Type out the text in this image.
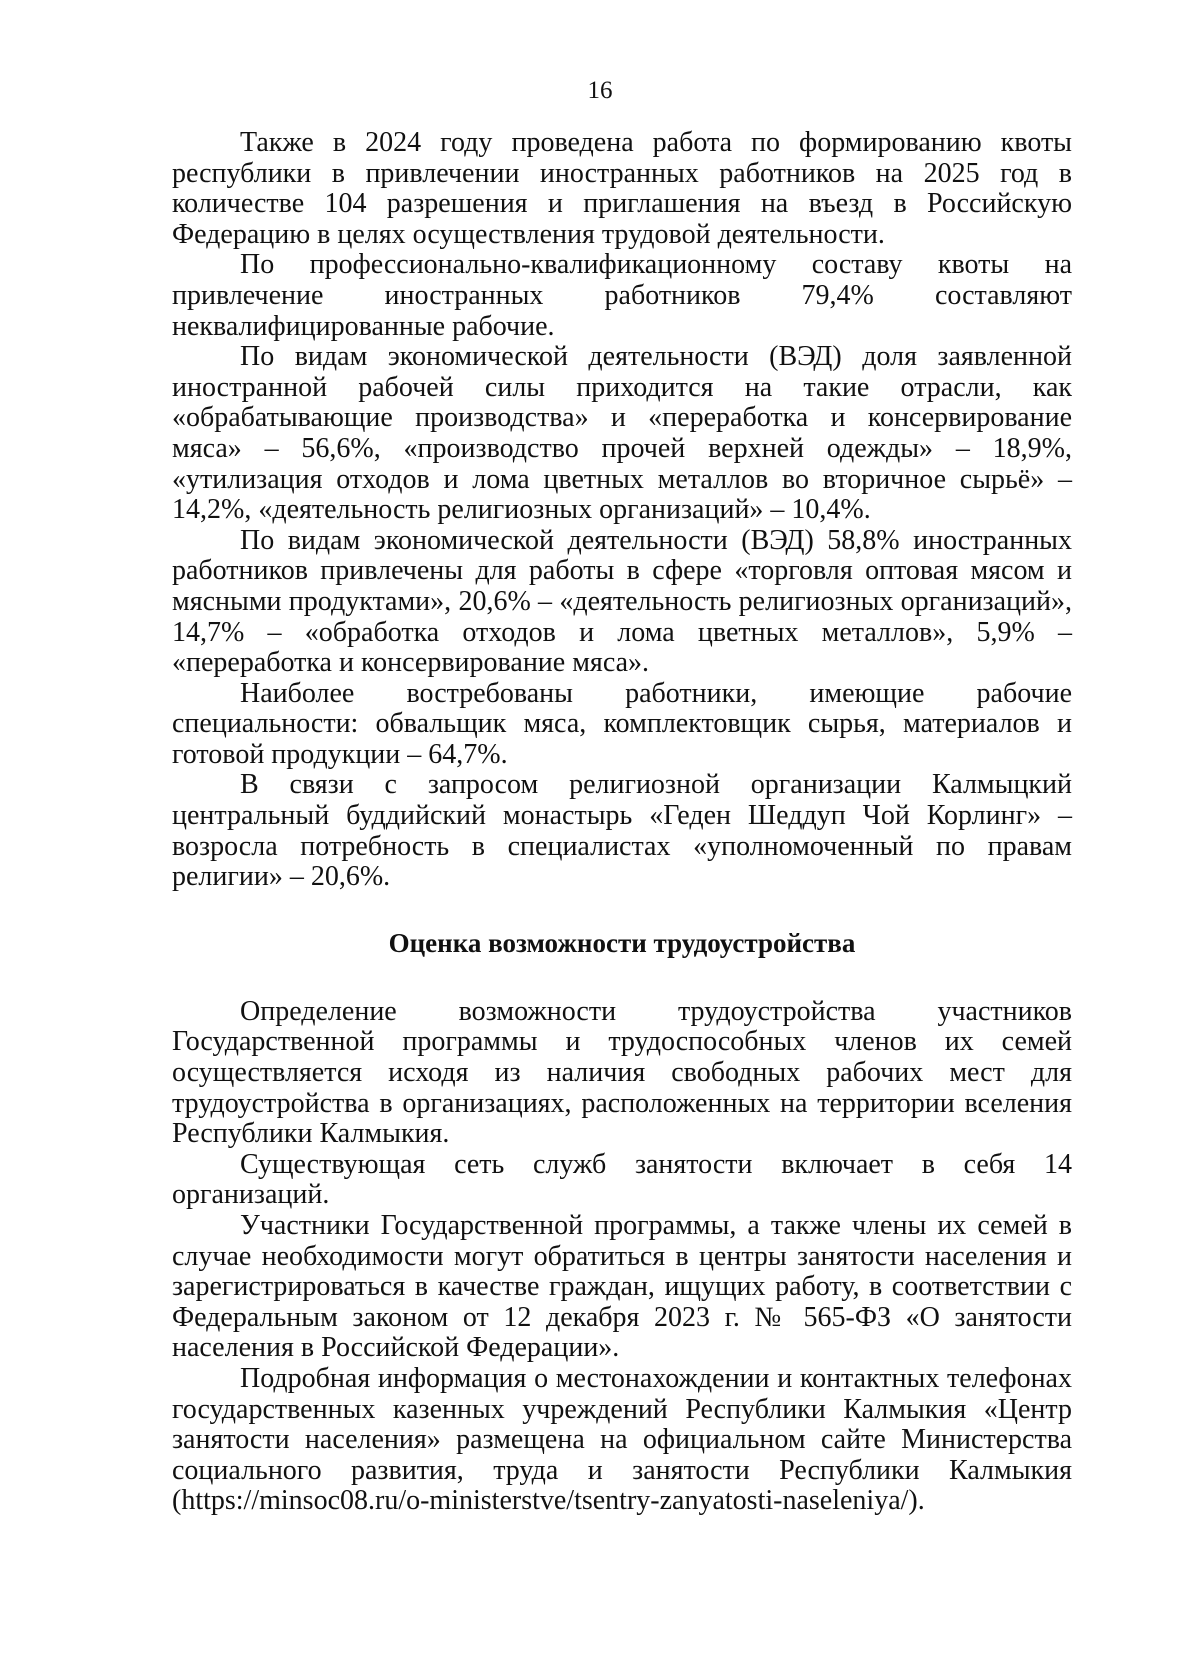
16

Также в 2024 году проведена работа по формированию квоты республики в привлечении иностранных работников на 2025 год в количестве 104 разрешения и приглашения на въезд в Российскую Федерацию в целях осуществления трудовой деятельности.

По профессионально-квалификационному составу квоты на привлечение иностранных работников 79,4% составляют неквалифицированные рабочие.

По видам экономической деятельности (ВЭД) доля заявленной иностранной рабочей силы приходится на такие отрасли, как «обрабатывающие производства» и «переработка и консервирование мяса» – 56,6%, «производство прочей верхней одежды» – 18,9%, «утилизация отходов и лома цветных металлов во вторичное сырьё» – 14,2%, «деятельность религиозных организаций» – 10,4%.

По видам экономической деятельности (ВЭД) 58,8% иностранных работников привлечены для работы в сфере «торговля оптовая мясом и мясными продуктами», 20,6% – «деятельность религиозных организаций», 14,7% – «обработка отходов и лома цветных металлов», 5,9% – «переработка и консервирование мяса».

Наиболее востребованы работники, имеющие рабочие специальности: обвальщик мяса, комплектовщик сырья, материалов и готовой продукции – 64,7%.

В связи с запросом религиозной организации Калмыцкий центральный буддийский монастырь «Геден Шеддуп Чой Корлинг» – возросла потребность в специалистах «уполномоченный по правам религии» – 20,6%.

Оценка возможности трудоустройства

Определение возможности трудоустройства участников Государственной программы и трудоспособных членов их семей осуществляется исходя из наличия свободных рабочих мест для трудоустройства в организациях, расположенных на территории вселения Республики Калмыкия.

Существующая сеть служб занятости включает в себя 14 организаций.

Участники Государственной программы, а также члены их семей в случае необходимости могут обратиться в центры занятости населения и зарегистрироваться в качестве граждан, ищущих работу, в соответствии с Федеральным законом от 12 декабря 2023 г. № 565-ФЗ «О занятости населения в Российской Федерации».

Подробная информация о местонахождении и контактных телефонах государственных казенных учреждений Республики Калмыкия «Центр занятости населения» размещена на официальном сайте Министерства социального развития, труда и занятости Республики Калмыкия (https://minsoc08.ru/o-ministerstve/tsentry-zanyatosti-naseleniya/).
